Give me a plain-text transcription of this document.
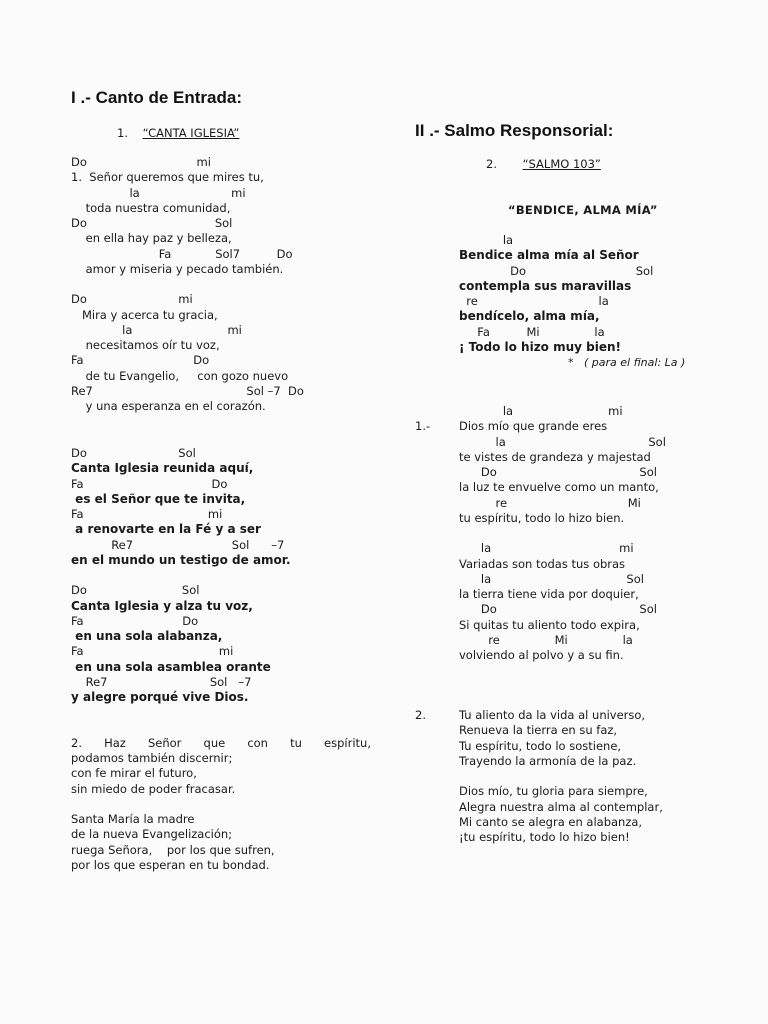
I .- Canto de Entrada:
1. “CANTA IGLESIA”
Do                              mi
1.  Señor queremos que mires tu,
la                         mi
toda nuestra comunidad,
Do                                   Sol
en ella hay paz y belleza,
Fa            Sol7          Do
amor y miseria y pecado también.
Do                         mi
Mira y acerca tu gracia,
la                          mi
necesitamos oír tu voz,
Fa                              Do
de tu Evangelio,     con gozo nuevo
Re7                                          Sol –7  Do
y una esperanza en el corazón.
Do                         Sol
Canta Iglesia reunida aquí,
Fa                                   Do
es el Señor que te invita,
Fa                                  mi
a renovarte en la Fé y a ser
Re7                           Sol      –7
en el mundo un testigo de amor.
Do                          Sol
Canta Iglesia y alza tu voz,
Fa                           Do
en una sola alabanza,
Fa                                     mi
en una sola asamblea orante
Re7                            Sol   –7
y alegre porqué vive Dios.
2. Haz Señor que con tu espíritu,
podamos también discernir;
con fe mirar el futuro,
sin miedo de poder fracasar.
Santa María la madre
de la nueva Evangelización;
ruega Señora,    por los que sufren,
por los que esperan en tu bondad.
II .- Salmo Responsorial:
2. “SALMO 103”
“BENDICE, ALMA MÍA”
la
Bendice alma mía al Señor
Do                              Sol
contempla sus maravillas
re                                 la
bendícelo, alma mía,
Fa          Mi               la
¡ Todo lo hizo muy bien!
*   ( para el final: La )
1.-
la                          mi
Dios mío que grande eres
la                                       Sol
te vistes de grandeza y majestad
Do                                       Sol
la luz te envuelve como un manto,
re                                 Mi
tu espíritu, todo lo hizo bien.
la                                   mi
Variadas son todas tus obras
la                                     Sol
la tierra tiene vida por doquier,
Do                                       Sol
Si quitas tu aliento todo expira,
re               Mi               la
volviendo al polvo y a su fin.
2.	Tu aliento da la vida al universo,
Renueva la tierra en su faz,
Tu espíritu, todo lo sostiene,
Trayendo la armonía de la paz.
Dios mío, tu gloria para siempre,
Alegra nuestra alma al contemplar,
Mi canto se alegra en alabanza,
¡tu espíritu, todo lo hizo bien!
